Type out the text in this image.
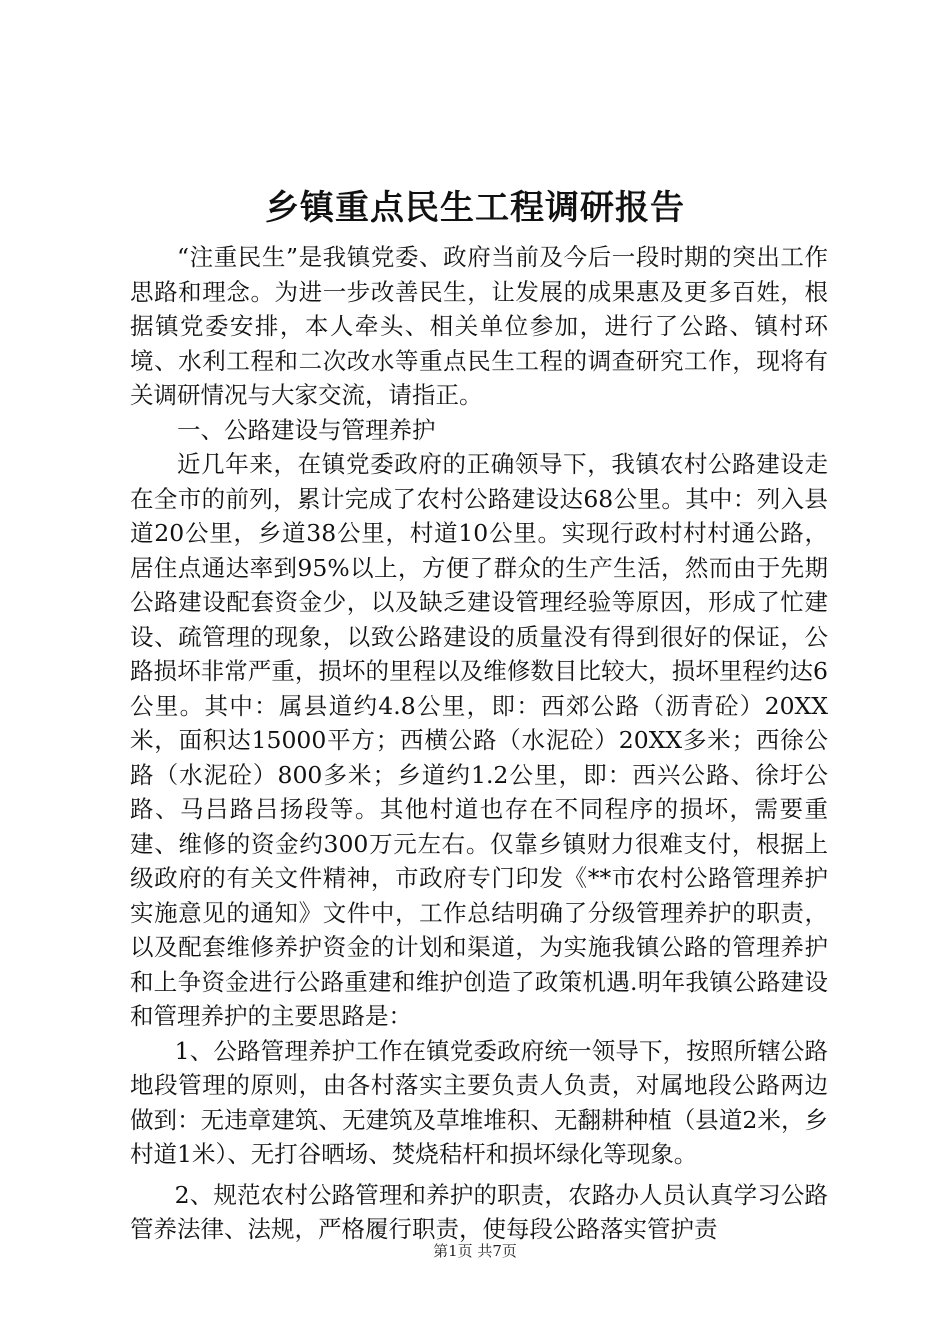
乡镇重点民生工程调研报告

“注重民生”是我镇党委、政府当前及今后一段时期的突出工作思路和理念。为进一步改善民生，让发展的成果惠及更多百姓，根据镇党委安排，本人牵头、相关单位参加，进行了公路、镇村环境、水利工程和二次改水等重点民生工程的调查研究工作，现将有关调研情况与大家交流，请指正。

一、公路建设与管理养护

近几年来，在镇党委政府的正确领导下，我镇农村公路建设走在全市的前列，累计完成了农村公路建设达68公里。其中：列入县道20公里，乡道38公里，村道10公里。实现行政村村村通公路，居住点通达率到95%以上，方便了群众的生产生活，然而由于先期公路建设配套资金少，以及缺乏建设管理经验等原因，形成了忙建设、疏管理的现象，以致公路建设的质量没有得到很好的保证，公路损坏非常严重，损坏的里程以及维修数目比较大，损坏里程约达6公里。其中：属县道约4.8公里，即：西郊公路（沥青砼）20XX米，面积达15000平方；西横公路（水泥砼）20XX多米；西徐公路（水泥砼）800多米；乡道约1.2公里，即：西兴公路、徐圩公路、马吕路吕扬段等。其他村道也存在不同程序的损坏，需要重建、维修的资金约300万元左右。仅靠乡镇财力很难支付，根据上级政府的有关文件精神，市政府专门印发《**市农村公路管理养护实施意见的通知》文件中，工作总结明确了分级管理养护的职责，以及配套维修养护资金的计划和渠道，为实施我镇公路的管理养护和上争资金进行公路重建和维护创造了政策机遇.明年我镇公路建设和管理养护的主要思路是：

1、公路管理养护工作在镇党委政府统一领导下，按照所辖公路地段管理的原则，由各村落实主要负责人负责，对属地段公路两边做到：无违章建筑、无建筑及草堆堆积、无翻耕种植（县道2米，乡村道1米）、无打谷晒场、焚烧秸杆和损坏绿化等现象。

2、规范农村公路管理和养护的职责，农路办人员认真学习公路管养法律、法规，严格履行职责，使每段公路落实管护责

第1页 共7页
